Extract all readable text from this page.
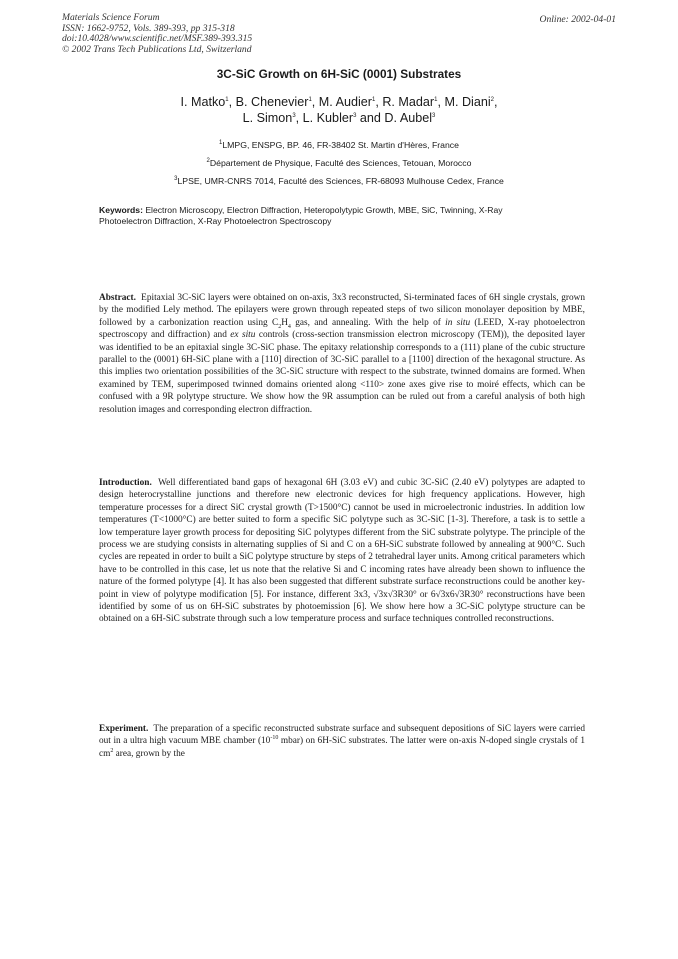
Materials Science Forum
ISSN: 1662-9752, Vols. 389-393, pp 315-318
doi:10.4028/www.scientific.net/MSF.389-393.315
© 2002 Trans Tech Publications Ltd, Switzerland
Online: 2002-04-01
3C-SiC Growth on 6H-SiC (0001) Substrates
I. Matko$^1$, B. Chenevier$^1$, M. Audier$^1$, R. Madar$^1$, M. Diani$^2$,
L. Simon$^3$, L. Kubler$^3$ and D. Aubel$^3$
$^1$LMPG, ENSPG, BP. 46, FR-38402 St. Martin d'Hères, France
$^2$Département de Physique, Faculté des Sciences, Tetouan, Morocco
$^3$LPSE, UMR-CNRS 7014, Faculté des Sciences, FR-68093 Mulhouse Cedex, France
Keywords: Electron Microscopy, Electron Diffraction, Heteropolytypic Growth, MBE, SiC, Twinning, X-Ray Photoelectron Diffraction, X-Ray Photoelectron Spectroscopy
Abstract. Epitaxial 3C-SiC layers were obtained on on-axis, 3x3 reconstructed, Si-terminated faces of 6H single crystals, grown by the modified Lely method. The epilayers were grown through repeated steps of two silicon monolayer deposition by MBE, followed by a carbonization reaction using $C_2H_4$ gas, and annealing. With the help of in situ (LEED, X-ray photoelectron spectroscopy and diffraction) and ex situ controls (cross-section transmission electron microscopy (TEM)), the deposited layer was identified to be an epitaxial single 3C-SiC phase. The epitaxy relationship corresponds to a (111) plane of the cubic structure parallel to the (0001) 6H-SiC plane with a [110] direction of 3C-SiC parallel to a [1100] direction of the hexagonal structure. As this implies two orientation possibilities of the 3C-SiC structure with respect to the substrate, twinned domains are formed. When examined by TEM, superimposed twinned domains oriented along <110> zone axes give rise to moiré effects, which can be confused with a 9R polytype structure. We show how the 9R assumption can be ruled out from a careful analysis of both high resolution images and corresponding electron diffraction.
Introduction. Well differentiated band gaps of hexagonal 6H (3.03 eV) and cubic 3C-SiC (2.40 eV) polytypes are adapted to design heterocrystalline junctions and therefore new electronic devices for high frequency applications. However, high temperature processes for a direct SiC crystal growth (T>1500°C) cannot be used in microelectronic industries. In addition low temperatures (T<1000°C) are better suited to form a specific SiC polytype such as 3C-SiC [1-3]. Therefore, a task is to settle a low temperature layer growth process for depositing SiC polytypes different from the SiC substrate polytype. The principle of the process we are studying consists in alternating supplies of Si and C on a 6H-SiC substrate followed by annealing at 900°C. Such cycles are repeated in order to built a SiC polytype structure by steps of 2 tetrahedral layer units. Among critical parameters which have to be controlled in this case, let us note that the relative Si and C incoming rates have already been shown to influence the nature of the formed polytype [4]. It has also been suggested that different substrate surface reconstructions could be another key-point in view of polytype modification [5]. For instance, different 3x3, √3x√3R30° or 6√3x6√3R30° reconstructions have been identified by some of us on 6H-SiC substrates by photoemission [6]. We show here how a 3C-SiC polytype structure can be obtained on a 6H-SiC substrate through such a low temperature process and surface techniques controlled reconstructions.
Experiment. The preparation of a specific reconstructed substrate surface and subsequent depositions of SiC layers were carried out in a ultra high vacuum MBE chamber ($10^{-10}$ mbar) on 6H-SiC substrates. The latter were on-axis N-doped single crystals of 1 $cm^2$ area, grown by the
